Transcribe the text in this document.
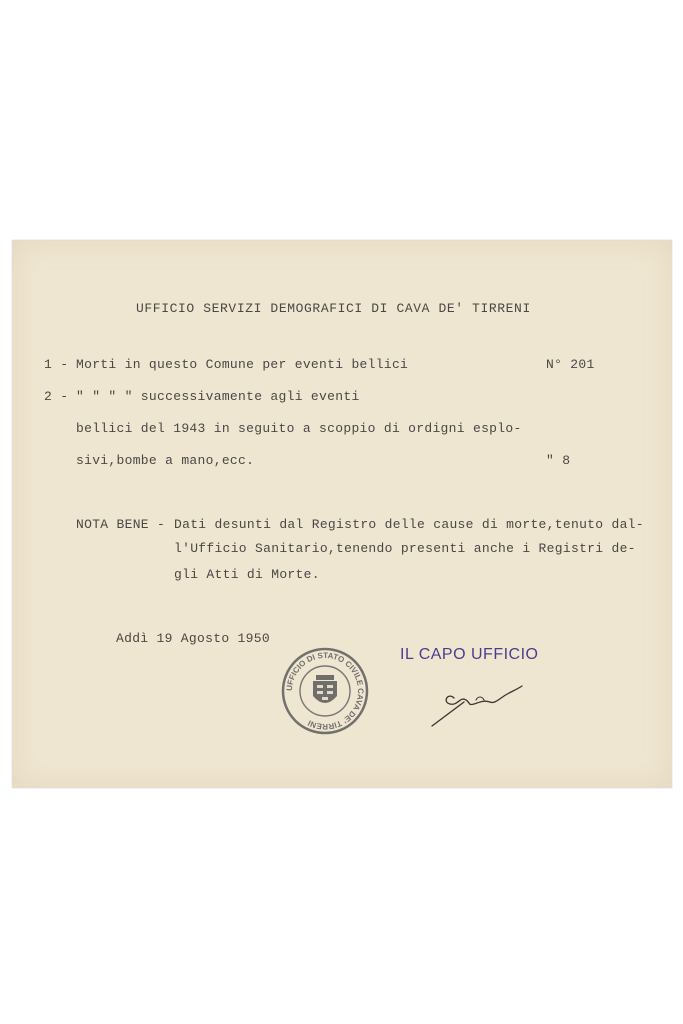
UFFICIO SERVIZI DEMOGRAFICI DI CAVA DE' TIRRENI
1 - Morti in questo Comune per eventi bellici	N° 201
2 - " " " " successivamente agli eventi
bellici del 1943 in seguito a scoppio di ordigni esplo-
sivi,bombe a mano,ecc.	" 8
NOTA BENE - Dati desunti dal Registro delle cause di morte,tenuto dal-
l'Ufficio Sanitario,tenendo presenti anche i Registri de-
gli Atti di Morte.
Addì 19 Agosto 1950
UFFICIO DI STATO CIVILE CAVA DE' TIRRENI
IL CAPO UFFICIO
